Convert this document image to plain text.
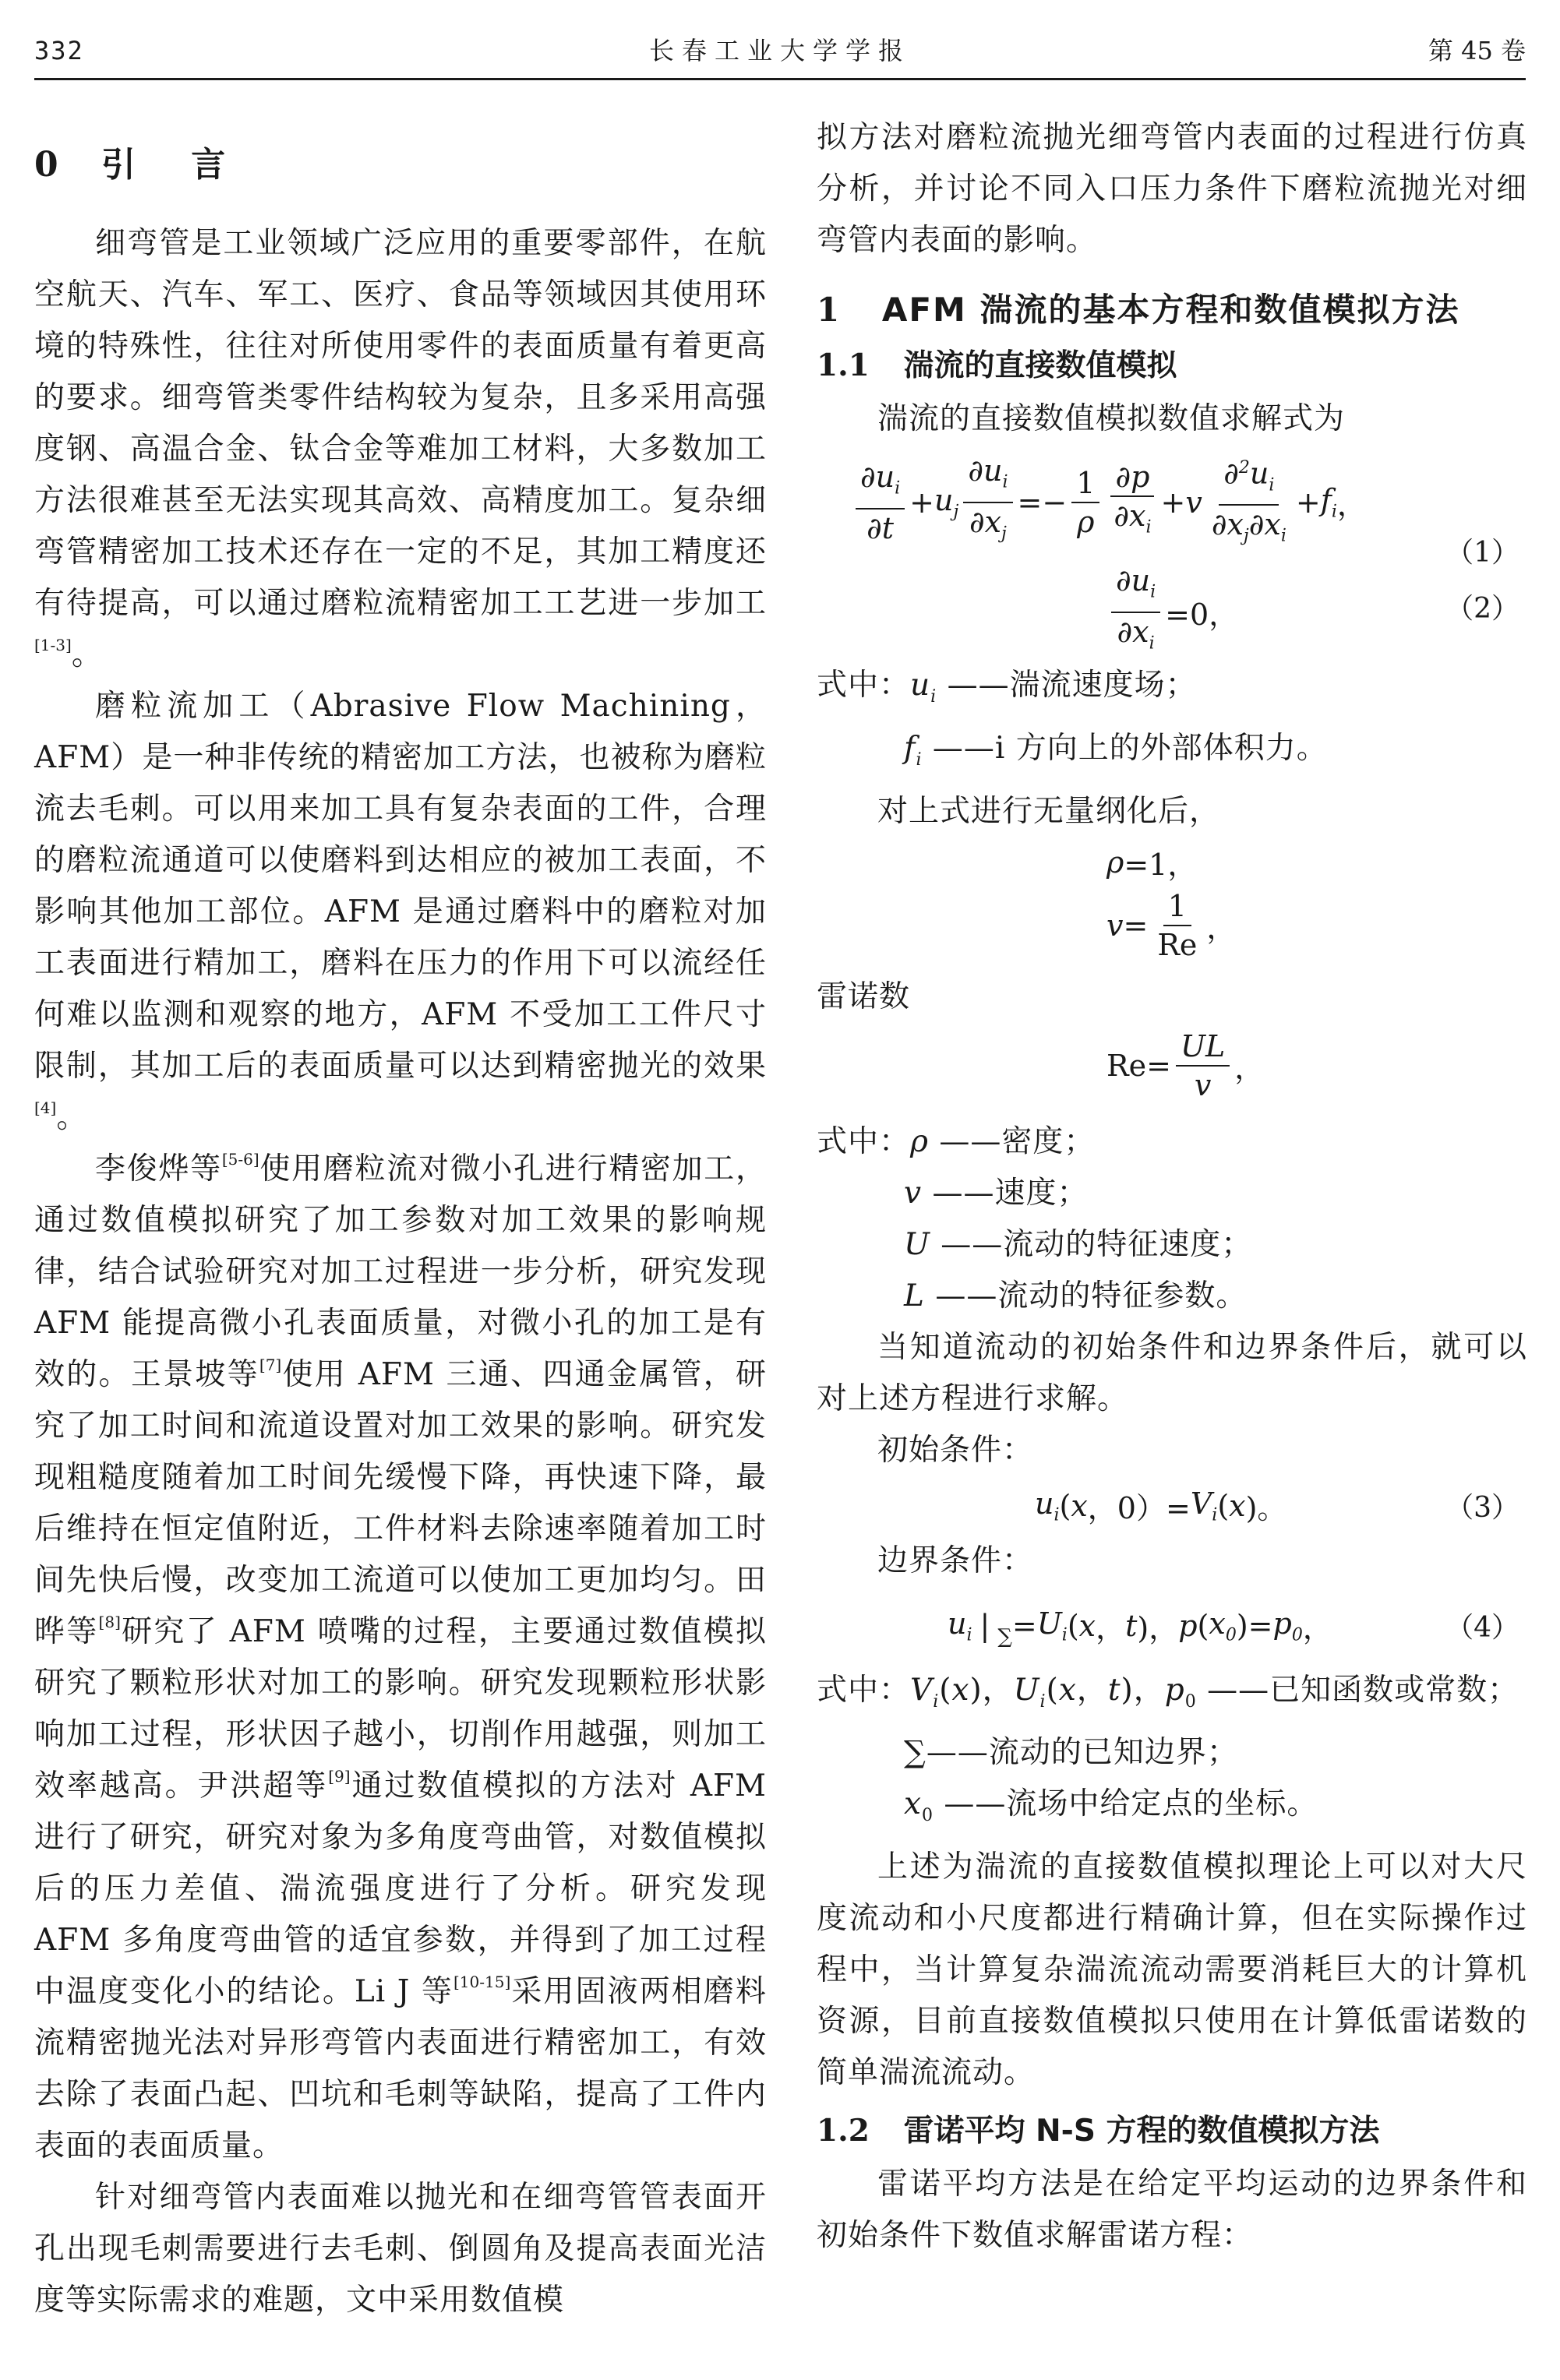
332	长春工业大学学报	第 45 卷
0 引 言

细弯管是工业领域广泛应用的重要零部件，在航空航天、汽车、军工、医疗、食品等领域因其使用环境的特殊性，往往对所使用零件的表面质量有着更高的要求。细弯管类零件结构较为复杂，且多采用高强度钢、高温合金、钛合金等难加工材料，大多数加工方法很难甚至无法实现其高效、高精度加工。复杂细弯管精密加工技术还存在一定的不足，其加工精度还有待提高，可以通过磨粒流精密加工工艺进一步加工[1-3]。

磨粒流加工（Abrasive Flow Machining，AFM）是一种非传统的精密加工方法，也被称为磨粒流去毛刺。可以用来加工具有复杂表面的工件，合理的磨粒流通道可以使磨料到达相应的被加工表面，不影响其他加工部位。AFM 是通过磨料中的磨粒对加工表面进行精加工，磨料在压力的作用下可以流经任何难以监测和观察的地方，AFM 不受加工工件尺寸限制，其加工后的表面质量可以达到精密抛光的效果[4]。

李俊烨等[5-6]使用磨粒流对微小孔进行精密加工，通过数值模拟研究了加工参数对加工效果的影响规律，结合试验研究对加工过程进一步分析，研究发现 AFM 能提高微小孔表面质量，对微小孔的加工是有效的。王景坡等[7]使用 AFM 三通、四通金属管，研究了加工时间和流道设置对加工效果的影响。研究发现粗糙度随着加工时间先缓慢下降，再快速下降，最后维持在恒定值附近，工件材料去除速率随着加工时间先快后慢，改变加工流道可以使加工更加均匀。田晔等[8]研究了 AFM 喷嘴的过程，主要通过数值模拟研究了颗粒形状对加工的影响。研究发现颗粒形状影响加工过程，形状因子越小，切削作用越强，则加工效率越高。尹洪超等[9]通过数值模拟的方法对 AFM 进行了研究，研究对象为多角度弯曲管，对数值模拟后的压力差值、湍流强度进行了分析。研究发现 AFM 多角度弯曲管的适宜参数，并得到了加工过程中温度变化小的结论。Li J 等[10-15]采用固液两相磨料流精密抛光法对异形弯管内表面进行精密加工，有效去除了表面凸起、凹坑和毛刺等缺陷，提高了工件内表面的表面质量。

针对细弯管内表面难以抛光和在细弯管管表面开孔出现毛刺需要进行去毛刺、倒圆角及提高表面光洁度等实际需求的难题，文中采用数值模

拟方法对磨粒流抛光细弯管内表面的过程进行仿真分析，并讨论不同入口压力条件下磨粒流抛光对细弯管内表面的影响。

1 AFM 湍流的基本方程和数值模拟方法
1.1 湍流的直接数值模拟

湍流的直接数值模拟数值求解式为

$\frac{\partial u_i}{\partial t} + u_j \frac{\partial u_i}{\partial x_j} =- \frac{1}{\rho} \frac{\partial p}{\partial x_i} + v \frac{\partial^2u_i}{\partial x_j\partial x_i} + f_i$ ，
（1）
$\frac{\partial u_i}{\partial x_i} =0$，	（2）

式中：$u_i$ ——湍流速度场；

$f_i$ ——i 方向上的外部体积力。

对上式进行无量纲化后，

ρ =1，
$v = \frac{1}{Re}$ ，

雷诺数

$Re = \frac{UL}{v}$ ，

式中：ρ ——密度；

v ——速度；

U ——流动的特征速度；

L ——流动的特征参数。

当知道流动的初始条件和边界条件后，就可以对上述方程进行求解。

初始条件：

$u_i$ ( x ，$0)= V_i$ ( x )。	（3）

边界条件：

$u_i$ | ∑ = $U_i$ ( x ， t )， p ( $x_0$ )= $p_0$ ，	（4）

式中：$V_i(x)$，$U_i(x$，t)，$p_0$ ——已知函数或常数；

∑——流动的已知边界；

$x_0$ ——流场中给定点的坐标。

上述为湍流的直接数值模拟理论上可以对大尺度流动和小尺度都进行精确计算，但在实际操作过程中，当计算复杂湍流流动需要消耗巨大的计算机资源，目前直接数值模拟只使用在计算低雷诺数的简单湍流流动。

1.2 雷诺平均 N-S 方程的数值模拟方法

雷诺平均方法是在给定平均运动的边界条件和初始条件下数值求解雷诺方程：
